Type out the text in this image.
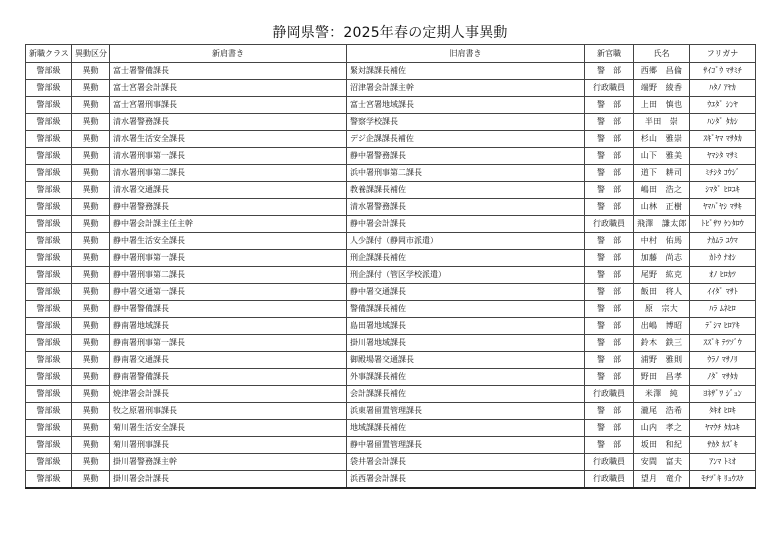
静岡県警：2025年春の定期人事異動
新職クラス	異動区分	新肩書き	旧肩書き	新官職	氏名	フリガナ
警部級	異動	富士署警備課長	緊対課課長補佐	警　部	西郷　昌倫	ｻｲｺﾞｳ ﾏｻﾐﾁ
警部級	異動	富士宮署会計課長	沼津署会計課主幹	行政職員	端野　綾香	ﾊﾀﾉ ｱﾔｶ
警部級	異動	富士宮署刑事課長	富士宮署地域課長	警　部	上田　慎也	ｳｴﾀﾞ ｼﾝﾔ
警部級	異動	清水署警務課長	警察学校課長	警　部	半田　崇	ﾊﾝﾀﾞ ﾀｶｼ
警部級	異動	清水署生活安全課長	デジ企課課長補佐	警　部	杉山　雅崇	ｽｷﾞﾔﾏ ﾏｻﾀｶ
警部級	異動	清水署刑事第一課長	静中署警務課長	警　部	山下　雅美	ﾔﾏｼﾀ ﾏｻﾐ
警部級	異動	清水署刑事第二課長	浜中署刑事第二課長	警　部	道下　耕司	ﾐﾁｼﾀ ｺｳｼﾞ
警部級	異動	清水署交通課長	教養課課長補佐	警　部	嶋田　浩之	ｼﾏﾀﾞ ﾋﾛﾕｷ
警部級	異動	静中署警務課長	清水署警務課長	警　部	山林　正樹	ﾔﾏﾊﾞﾔｼ ﾏｻｷ
警部級	異動	静中署会計課主任主幹	静中署会計課長	行政職員	飛澤　謙太郎	ﾄﾋﾞｻﾜ ｹﾝﾀﾛｳ
警部級	異動	静中署生活安全課長	人少課付（静岡市派遣）	警　部	中村　佑馬	ﾅｶﾑﾗ ﾕｳﾏ
警部級	異動	静中署刑事第一課長	刑企課課長補佐	警　部	加藤　尚志	ｶﾄｳ ﾅｵｼ
警部級	異動	静中署刑事第二課長	刑企課付（管区学校派遣）	警　部	尾野　紘克	ｵﾉ ﾋﾛｶﾂ
警部級	異動	静中署交通第一課長	静中署交通課長	警　部	飯田　将人	ｲｲﾀﾞ ﾏｻﾄ
警部級	異動	静中署警備課長	警備課課長補佐	警　部	原　宗大	ﾊﾗ ﾑﾈﾋﾛ
警部級	異動	静南署地域課長	島田署地域課長	警　部	出嶋　博昭	ﾃﾞｼﾏ ﾋﾛｱｷ
警部級	異動	静南署刑事第一課長	掛川署地域課長	警　部	鈴木　鉄三	ｽｽﾞｷ ﾃﾂｿﾞｳ
警部級	異動	静南署交通課長	御殿場署交通課長	警　部	浦野　雅則	ｳﾗﾉ ﾏｻﾉﾘ
警部級	異動	静南署警備課長	外事課課長補佐	警　部	野田　昌孝	ﾉﾀﾞ ﾏｻﾀｶ
警部級	異動	焼津署会計課長	会計課課長補佐	行政職員	米澤　純	ﾖﾈｻﾞﾜ ｼﾞｭﾝ
警部級	異動	牧之原署刑事課長	浜東署留置管理課長	警　部	瀧尾　浩希	ﾀｷｵ ﾋﾛｷ
警部級	異動	菊川署生活安全課長	地域課課長補佐	警　部	山内　孝之	ﾔﾏｳﾁ ﾀｶﾕｷ
警部級	異動	菊川署刑事課長	静中署留置管理課長	警　部	坂田　和紀	ｻｶﾀ ｶｽﾞｷ
警部級	異動	掛川署警務課主幹	袋井署会計課長	行政職員	安間　富夫	ｱﾝﾏ ﾄﾐｵ
警部級	異動	掛川署会計課長	浜西署会計課長	行政職員	望月　竜介	ﾓﾁﾂﾞｷ ﾘｭｳｽｹ
